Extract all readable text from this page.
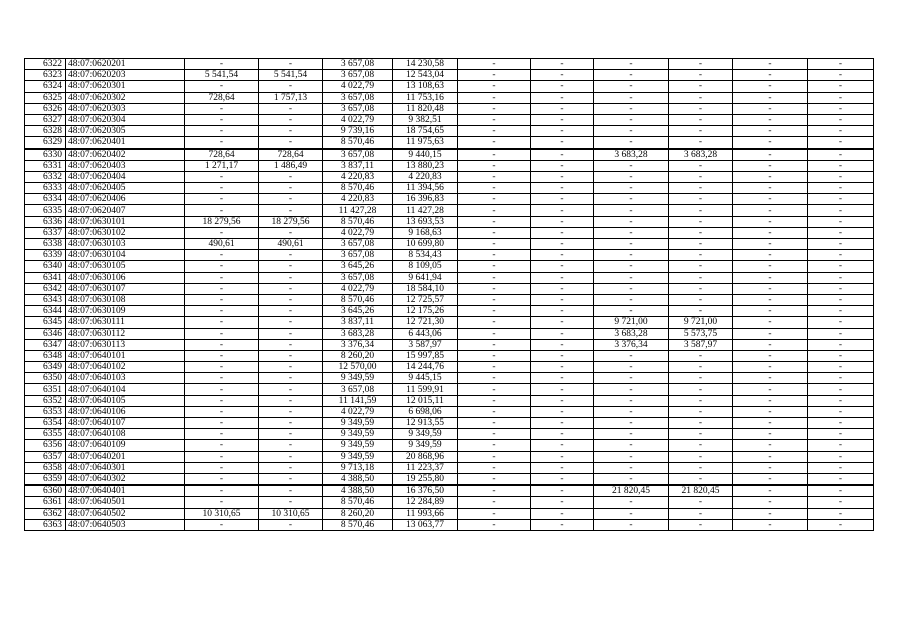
6322	48:07:0620201	-	-	3 657,08	14 230,58	-	-	-	-	-	-
6323	48:07:0620203	5 541,54	5 541,54	3 657,08	12 543,04	-	-	-	-	-	-
6324	48:07:0620301	-	-	4 022,79	13 108,63	-	-	-	-	-	-
6325	48:07:0620302	728,64	1 757,13	3 657,08	11 753,16	-	-	-	-	-	-
6326	48:07:0620303	-	-	3 657,08	11 820,48	-	-	-	-	-	-
6327	48:07:0620304	-	-	4 022,79	9 382,51	-	-	-	-	-	-
6328	48:07:0620305	-	-	9 739,16	18 754,65	-	-	-	-	-	-
6329	48:07:0620401	-	-	8 570,46	11 975,63	-	-	-	-	-	-
6330	48:07:0620402	728,64	728,64	3 657,08	9 440,15	-	-	3 683,28	3 683,28	-	-
6331	48:07:0620403	1 271,17	1 486,49	3 837,11	13 880,23	-	-	-	-	-	-
6332	48:07:0620404	-	-	4 220,83	4 220,83	-	-	-	-	-	-
6333	48:07:0620405	-	-	8 570,46	11 394,56	-	-	-	-	-	-
6334	48:07:0620406	-	-	4 220,83	16 396,83	-	-	-	-	-	-
6335	48:07:0620407	-	-	11 427,28	11 427,28	-	-	-	-	-	-
6336	48:07:0630101	18 279,56	18 279,56	8 570,46	13 693,53	-	-	-	-	-	-
6337	48:07:0630102	-	-	4 022,79	9 168,63	-	-	-	-	-	-
6338	48:07:0630103	490,61	490,61	3 657,08	10 699,80	-	-	-	-	-	-
6339	48:07:0630104	-	-	3 657,08	8 534,43	-	-	-	-	-	-
6340	48:07:0630105	-	-	3 645,26	8 109,05	-	-	-	-	-	-
6341	48:07:0630106	-	-	3 657,08	9 641,94	-	-	-	-	-	-
6342	48:07:0630107	-	-	4 022,79	18 584,10	-	-	-	-	-	-
6343	48:07:0630108	-	-	8 570,46	12 725,57	-	-	-	-	-	-
6344	48:07:0630109	-	-	3 645,26	12 175,26	-	-	-	-	-	-
6345	48:07:0630111	-	-	3 837,11	12 721,30	-	-	9 721,00	9 721,00	-	-
6346	48:07:0630112	-	-	3 683,28	6 443,06	-	-	3 683,28	5 573,75	-	-
6347	48:07:0630113	-	-	3 376,34	3 587,97	-	-	3 376,34	3 587,97	-	-
6348	48:07:0640101	-	-	8 260,20	15 997,85	-	-	-	-	-	-
6349	48:07:0640102	-	-	12 570,00	14 244,76	-	-	-	-	-	-
6350	48:07:0640103	-	-	9 349,59	9 445,15	-	-	-	-	-	-
6351	48:07:0640104	-	-	3 657,08	11 599,91	-	-	-	-	-	-
6352	48:07:0640105	-	-	11 141,59	12 015,11	-	-	-	-	-	-
6353	48:07:0640106	-	-	4 022,79	6 698,06	-	-	-	-	-	-
6354	48:07:0640107	-	-	9 349,59	12 913,55	-	-	-	-	-	-
6355	48:07:0640108	-	-	9 349,59	9 349,59	-	-	-	-	-	-
6356	48:07:0640109	-	-	9 349,59	9 349,59	-	-	-	-	-	-
6357	48:07:0640201	-	-	9 349,59	20 868,96	-	-	-	-	-	-
6358	48:07:0640301	-	-	9 713,18	11 223,37	-	-	-	-	-	-
6359	48:07:0640302	-	-	4 388,50	19 255,80	-	-	-	-	-	-
6360	48:07:0640401	-	-	4 388,50	16 376,50	-	-	21 820,45	21 820,45	-	-
6361	48:07:0640501	-	-	8 570,46	12 284,89	-	-	-	-	-	-
6362	48:07:0640502	10 310,65	10 310,65	8 260,20	11 993,66	-	-	-	-	-	-
6363	48:07:0640503	-	-	8 570,46	13 063,77	-	-	-	-	-	-
